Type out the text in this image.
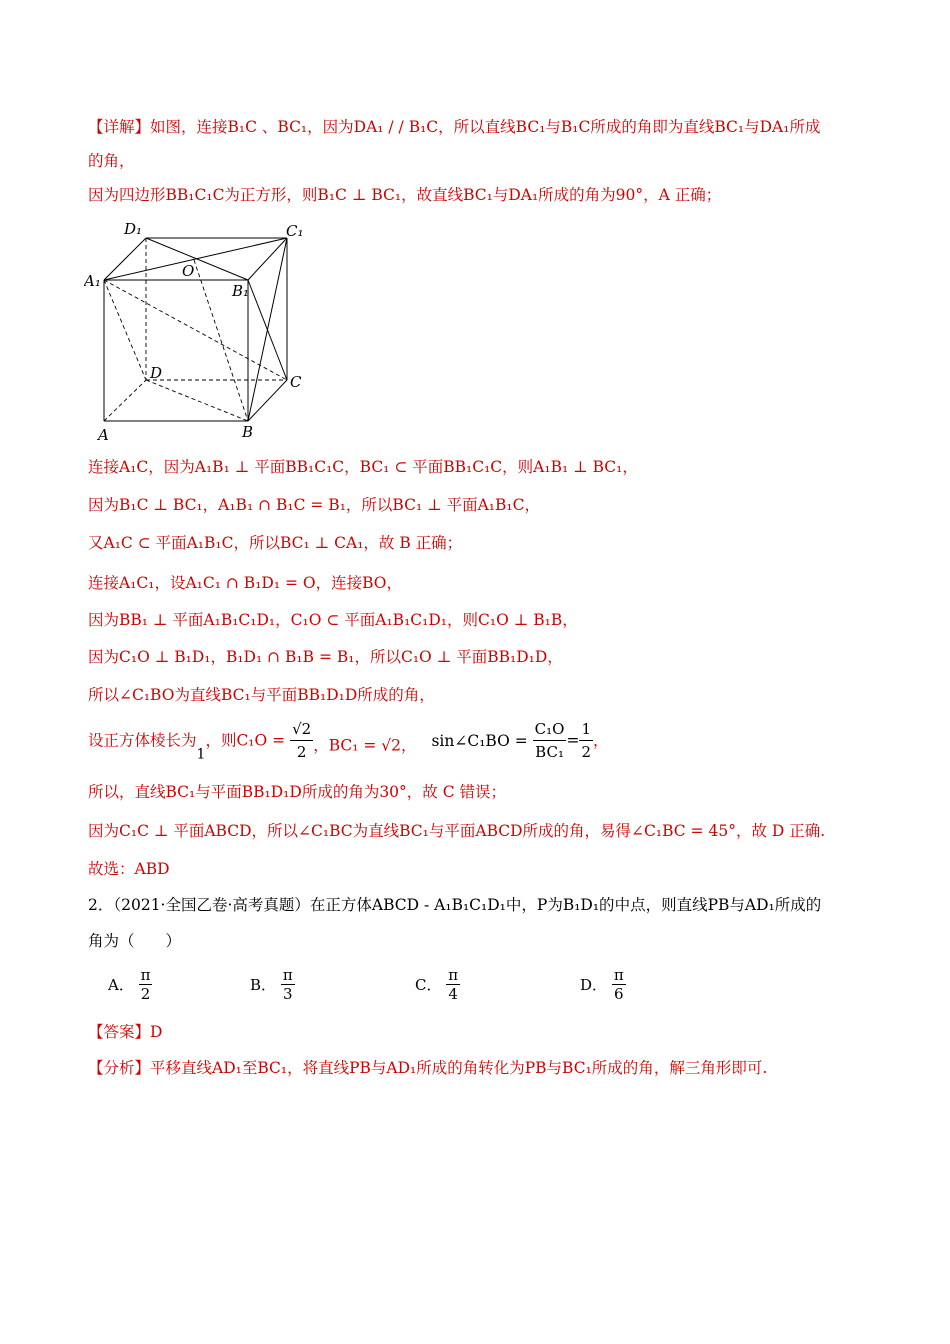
【详解】如图，连接B₁C 、BC₁，因为DA₁ / / B₁C，所以直线BC₁与B₁C所成的角即为直线BC₁与DA₁所成
的角，
因为四边形BB₁C₁C为正方形，则B₁C ⊥ BC₁，故直线BC₁与DA₁所成的角为90°，A 正确；
D₁	C₁
O
A₁
B₁
D	C
A	B
连接A₁C，因为A₁B₁ ⊥ 平面BB₁C₁C，BC₁ ⊂ 平面BB₁C₁C，则A₁B₁ ⊥ BC₁，
因为B₁C ⊥ BC₁，A₁B₁ ∩ B₁C = B₁，所以BC₁ ⊥ 平面A₁B₁C，
又A₁C ⊂ 平面A₁B₁C，所以BC₁ ⊥ CA₁，故 B 正确；
连接A₁C₁，设A₁C₁ ∩ B₁D₁ = O，连接BO，
因为BB₁ ⊥ 平面A₁B₁C₁D₁，C₁O ⊂ 平面A₁B₁C₁D₁，则C₁O ⊥ B₁B，
因为C₁O ⊥ B₁D₁，B₁D₁ ∩ B₁B = B₁，所以C₁O ⊥ 平面BB₁D₁D，
所以∠C₁BO为直线BC₁与平面BB₁D₁D所成的角，
设正方体棱长为1，则$C_1O = \frac{√2}{2}$ ，BC₁ = √2， sin∠C₁BO = $\frac{\text{C₁O}}{\text{BC₁}} = \frac{1}{2}$ ，
所以，直线BC₁与平面BB₁D₁D所成的角为30°，故 C 错误；
因为C₁C ⊥ 平面ABCD，所以∠C₁BC为直线BC₁与平面ABCD所成的角，易得∠C₁BC = 45°，故 D 正确.
故选：ABD
2．（2021·全国乙卷·高考真题）在正方体ABCD - A₁B₁C₁D₁中，P为B₁D₁的中点，则直线PB与AD₁所成的
角为（　　）
A． $\frac{\pi}{2}$	B． $\frac{\pi}{3}$	C． $\frac{\pi}{4}$	D． $\frac{\pi}{6}$
【答案】D
【分析】平移直线AD₁至BC₁，将直线PB与AD₁所成的角转化为PB与BC₁所成的角，解三角形即可.
